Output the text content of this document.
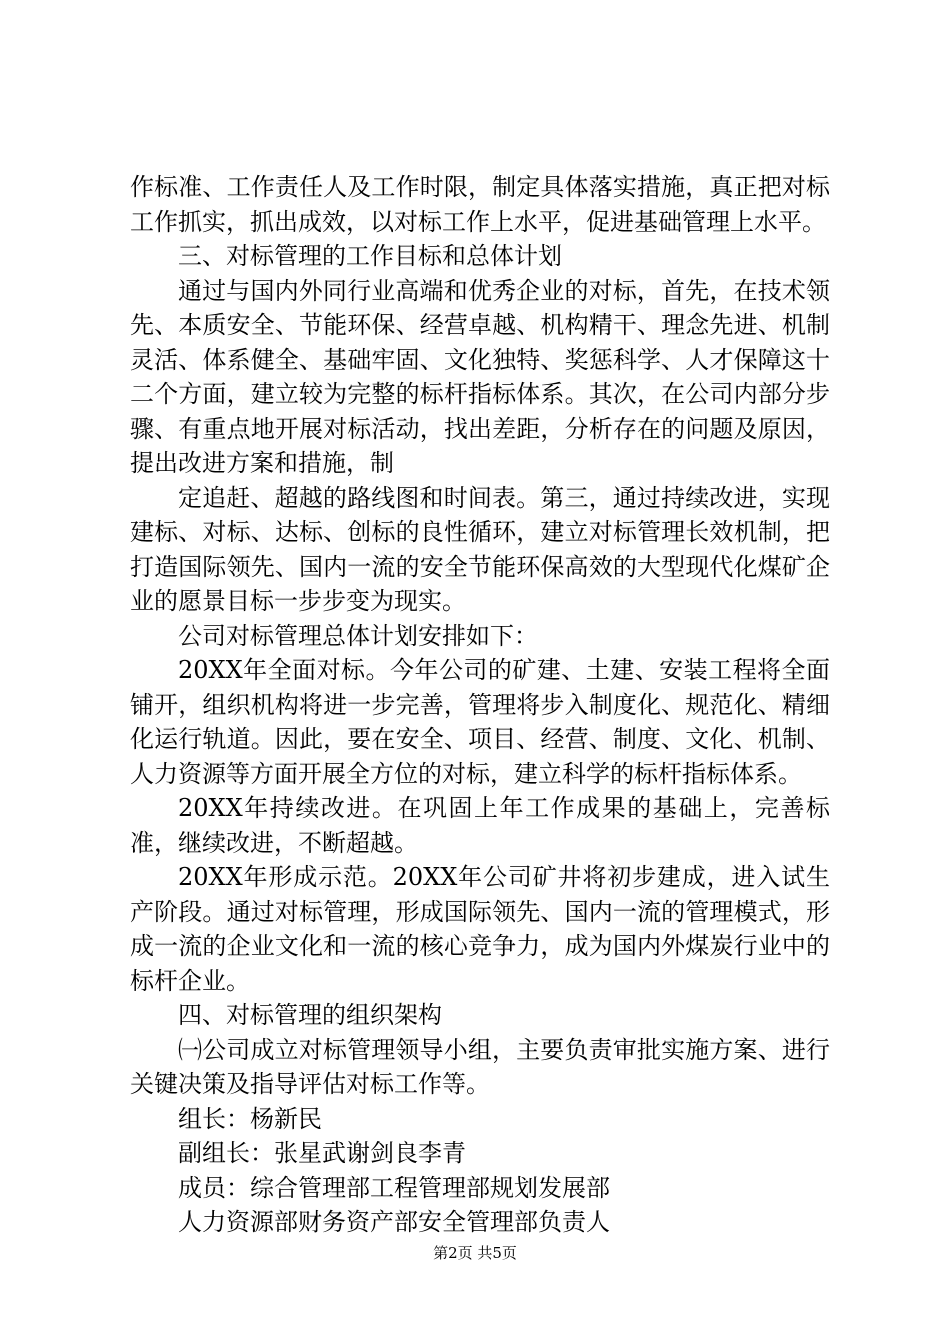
作标准、工作责任人及工作时限，制定具体落实措施，真正把对标工作抓实，抓出成效，以对标工作上水平，促进基础管理上水平。

三、对标管理的工作目标和总体计划

通过与国内外同行业高端和优秀企业的对标，首先，在技术领先、本质安全、节能环保、经营卓越、机构精干、理念先进、机制灵活、体系健全、基础牢固、文化独特、奖惩科学、人才保障这十二个方面，建立较为完整的标杆指标体系。其次，在公司内部分步骤、有重点地开展对标活动，找出差距，分析存在的问题及原因，提出改进方案和措施，制

定追赶、超越的路线图和时间表。第三，通过持续改进，实现建标、对标、达标、创标的良性循环，建立对标管理长效机制，把打造国际领先、国内一流的安全节能环保高效的大型现代化煤矿企业的愿景目标一步步变为现实。

公司对标管理总体计划安排如下：

20XX年全面对标。今年公司的矿建、土建、安装工程将全面铺开，组织机构将进一步完善，管理将步入制度化、规范化、精细化运行轨道。因此，要在安全、项目、经营、制度、文化、机制、人力资源等方面开展全方位的对标，建立科学的标杆指标体系。

20XX年持续改进。在巩固上年工作成果的基础上，完善标准，继续改进，不断超越。

20XX年形成示范。20XX年公司矿井将初步建成，进入试生产阶段。通过对标管理，形成国际领先、国内一流的管理模式，形成一流的企业文化和一流的核心竞争力，成为国内外煤炭行业中的标杆企业。

四、对标管理的组织架构

㈠公司成立对标管理领导小组，主要负责审批实施方案、进行关键决策及指导评估对标工作等。

组长：杨新民

副组长：张星武谢剑良李青

成员：综合管理部工程管理部规划发展部

人力资源部财务资产部安全管理部负责人

第2页 共5页
